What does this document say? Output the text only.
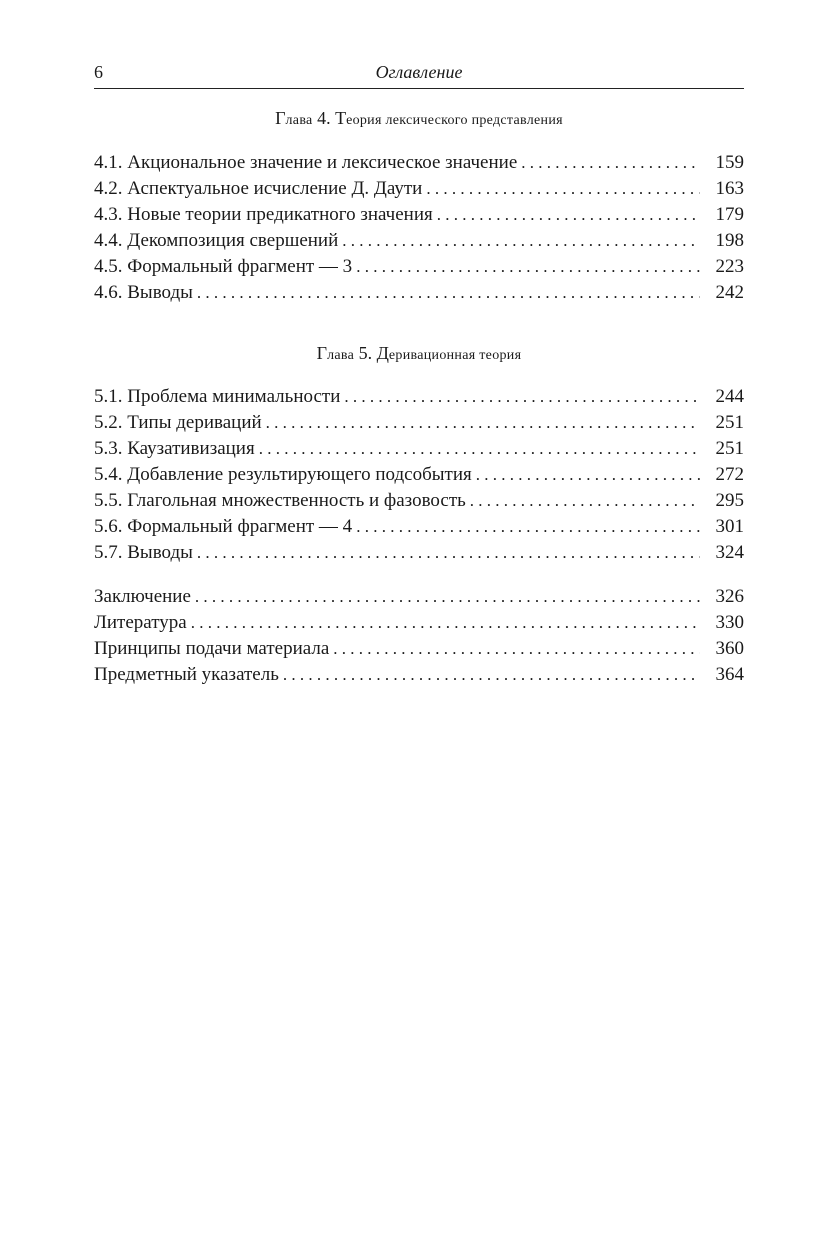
6	Оглавление
Глава 4. Теория лексического представления
4.1. Акциональное значение и лексическое значение . . .	159
4.2. Аспектуальное исчисление Д. Даути . . .	163
4.3. Новые теории предикатного значения . . .	179
4.4. Декомпозиция свершений . . .	198
4.5. Формальный фрагмент — 3 . . .	223
4.6. Выводы . . .	242
Глава 5. Деривационная теория
5.1. Проблема минимальности . . .	244
5.2. Типы дериваций . . .	251
5.3. Каузативизация . . .	251
5.4. Добавление результирующего подсобытия . . .	272
5.5. Глагольная множественность и фазовость . . .	295
5.6. Формальный фрагмент — 4 . . .	301
5.7. Выводы . . .	324
Заключение . . .	326
Литература . . .	330
Принципы подачи материала . . .	360
Предметный указатель . . .	364
